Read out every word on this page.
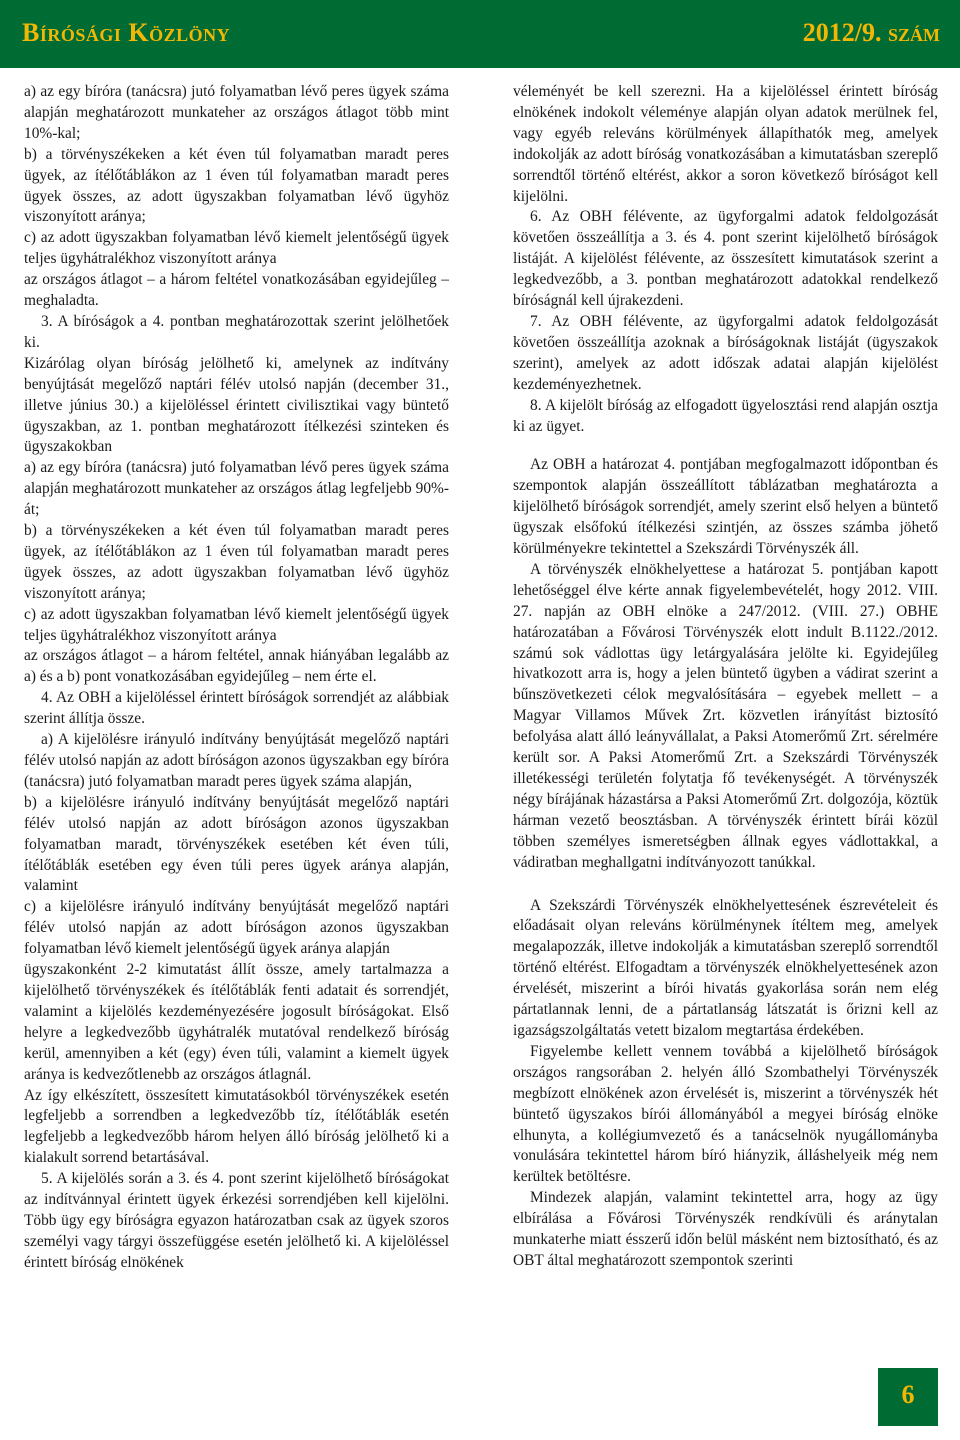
Bírósági Közlöny	2012/9. szám

a) az egy bíróra (tanácsra) jutó folyamatban lévő peres ügyek száma alapján meghatározott munkateher az országos átlagot több mint 10%-kal;

b) a törvényszékeken a két éven túl folyamatban maradt peres ügyek, az ítélőtáblákon az 1 éven túl folyamatban maradt peres ügyek összes, az adott ügyszakban folyamatban lévő ügyhöz viszonyított aránya;

c) az adott ügyszakban folyamatban lévő kiemelt jelentőségű ügyek teljes ügyhátralékhoz viszonyított aránya

az országos átlagot – a három feltétel vonatkozásában egyidejűleg – meghaladta.

3. A bíróságok a 4. pontban meghatározottak szerint jelölhetőek ki.

Kizárólag olyan bíróság jelölhető ki, amelynek az indítvány benyújtását megelőző naptári félév utolsó napján (december 31., illetve június 30.) a kijelöléssel érintett civilisztikai vagy büntető ügyszakban, az 1. pontban meghatározott ítélkezési szinteken és ügyszakokban

a) az egy bíróra (tanácsra) jutó folyamatban lévő peres ügyek száma alapján meghatározott munkateher az országos átlag legfeljebb 90%-át;

b) a törvényszékeken a két éven túl folyamatban maradt peres ügyek, az ítélőtáblákon az 1 éven túl folyamatban maradt peres ügyek összes, az adott ügyszakban folyamatban lévő ügyhöz viszonyított aránya;

c) az adott ügyszakban folyamatban lévő kiemelt jelentőségű ügyek teljes ügyhátralékhoz viszonyított aránya

az országos átlagot – a három feltétel, annak hiányában legalább az a) és a b) pont vonatkozásában egyidejűleg – nem érte el.

4. Az OBH a kijelöléssel érintett bíróságok sorrendjét az alábbiak szerint állítja össze.

a) A kijelölésre irányuló indítvány benyújtását megelőző naptári félév utolsó napján az adott bíróságon azonos ügyszakban egy bíróra (tanácsra) jutó folyamatban maradt peres ügyek száma alapján,

b) a kijelölésre irányuló indítvány benyújtását megelőző naptári félév utolsó napján az adott bíróságon azonos ügyszakban folyamatban maradt, törvényszékek esetében két éven túli, ítélőtáblák esetében egy éven túli peres ügyek aránya alapján, valamint

c) a kijelölésre irányuló indítvány benyújtását megelőző naptári félév utolsó napján az adott bíróságon azonos ügyszakban folyamatban lévő kiemelt jelentőségű ügyek aránya alapján

ügyszakonként 2-2 kimutatást állít össze, amely tartalmazza a kijelölhető törvényszékek és ítélőtáblák fenti adatait és sorrendjét, valamint a kijelölés kezdeményezésére jogosult bíróságokat. Első helyre a legkedvezőbb ügyhátralék mutatóval rendelkező bíróság kerül, amennyiben a két (egy) éven túli, valamint a kiemelt ügyek aránya is kedvezőtlenebb az országos átlagnál.

Az így elkészített, összesített kimutatásokból törvényszékek esetén legfeljebb a sorrendben a legkedvezőbb tíz, ítélőtáblák esetén legfeljebb a legkedvezőbb három helyen álló bíróság jelölhető ki a kialakult sorrend betartásával.

5. A kijelölés során a 3. és 4. pont szerint kijelölhető bíróságokat az indítvánnyal érintett ügyek érkezési sorrendjében kell kijelölni. Több ügy egy bíróságra egyazon határozatban csak az ügyek szoros személyi vagy tárgyi összefüggése esetén jelölhető ki. A kijelöléssel érintett bíróság elnökének

véleményét be kell szereznі. Ha a kijelöléssel érintett bíróság elnökének indokolt véleménye alapján olyan adatok merülnek fel, vagy egyéb releváns körülmények állapíthatók meg, amelyek indokolják az adott bíróság vonatkozásában a kimutatásban szereplő sorrendtől történő eltérést, akkor a soron következő bíróságot kell kijelölni.

6. Az OBH félévente, az ügyforgalmi adatok feldolgozását követően összeállítja a 3. és 4. pont szerint kijelölhető bíróságok listáját. A kijelölést félévente, az összesített kimutatások szerint a legkedvezőbb, a 3. pontban meghatározott adatokkal rendelkező bíróságnál kell újrakezdeni.

7. Az OBH félévente, az ügyforgalmi adatok feldolgozását követően összeállítja azoknak a bíróságoknak listáját (ügyszakok szerint), amelyek az adott időszak adatai alapján kijelölést kezdeményezhetnek.

8. A kijelölt bíróság az elfogadott ügyelosztási rend alapján osztja ki az ügyet.

Az OBH a határozat 4. pontjában megfogalmazott időpontban és szempontok alapján összeállított táblázatban meghatározta a kijelölhető bíróságok sorrendjét, amely szerint első helyen a büntető ügyszak elsőfokú ítélkezési szintjén, az összes számba jöhető körülményekre tekintettel a Szekszárdi Törvényszék áll.

A törvényszék elnökhelyettese a határozat 5. pontjában kapott lehetőséggel élve kérte annak figyelembevételét, hogy 2012. VIII. 27. napján az OBH elnöke a 247/2012. (VIII. 27.) OBHE határozatában a Fővárosi Törvényszék elott indult B.1122./2012. számú sok vádlottas ügy letárgyalására jelölte ki. Egyidejűleg hivatkozott arra is, hogy a jelen büntető ügyben a vádirat szerint a bűnszövetkezeti célok megvalósítására – egyebek mellett – a Magyar Villamos Művek Zrt. közvetlen irányítást biztosító befolyása alatt álló leányvállalat, a Paksi Atomerőmű Zrt. sérelmére került sor. A Paksi Atomerőmű Zrt. a Szekszárdi Törvényszék illetékességi területén folytatja fő tevékenységét. A törvényszék négy bírájának házastársa a Paksi Atomerőmű Zrt. dolgozója, köztük hárman vezető beosztásban. A törvényszék érintett bírái közül többen személyes ismeretségben állnak egyes vádlottakkal, a vádiratban meghallgatni indítványozott tanúkkal.

A Szekszárdi Törvényszék elnökhelyettesének észrevételeit és előadásait olyan releváns körülménynek ítéltem meg, amelyek megalapozzák, illetve indokolják a kimutatásban szereplő sorrendtől történő eltérést. Elfogadtam a törvényszék elnökhelyettesének azon érvelését, miszerint a bírói hivatás gyakorlása során nem elég pártatlannak lenni, de a pártatlanság látszatát is őrizni kell az igazságszolgáltatás vetett bizalom megtartása érdekében.

Figyelembe kellett vennem továbbá a kijelölhető bíróságok országos rangsorában 2. helyén álló Szombathelyi Törvényszék megbízott elnökének azon érvelését is, miszerint a törvényszék hét büntető ügyszakos bírói állományából a megyei bíróság elnöke elhunyta, a kollégiumvezető és a tanácselnök nyugállományba vonulására tekintettel három bíró hiányzik, álláshelyeik még nem kerültek betöltésre.

Mindezek alapján, valamint tekintettel arra, hogy az ügy elbírálása a Fővárosi Törvényszék rendkívüli és aránytalan munkaterhe miatt ésszerű időn belül másként nem biztosítható, és az OBT által meghatározott szempontok szerinti

6
